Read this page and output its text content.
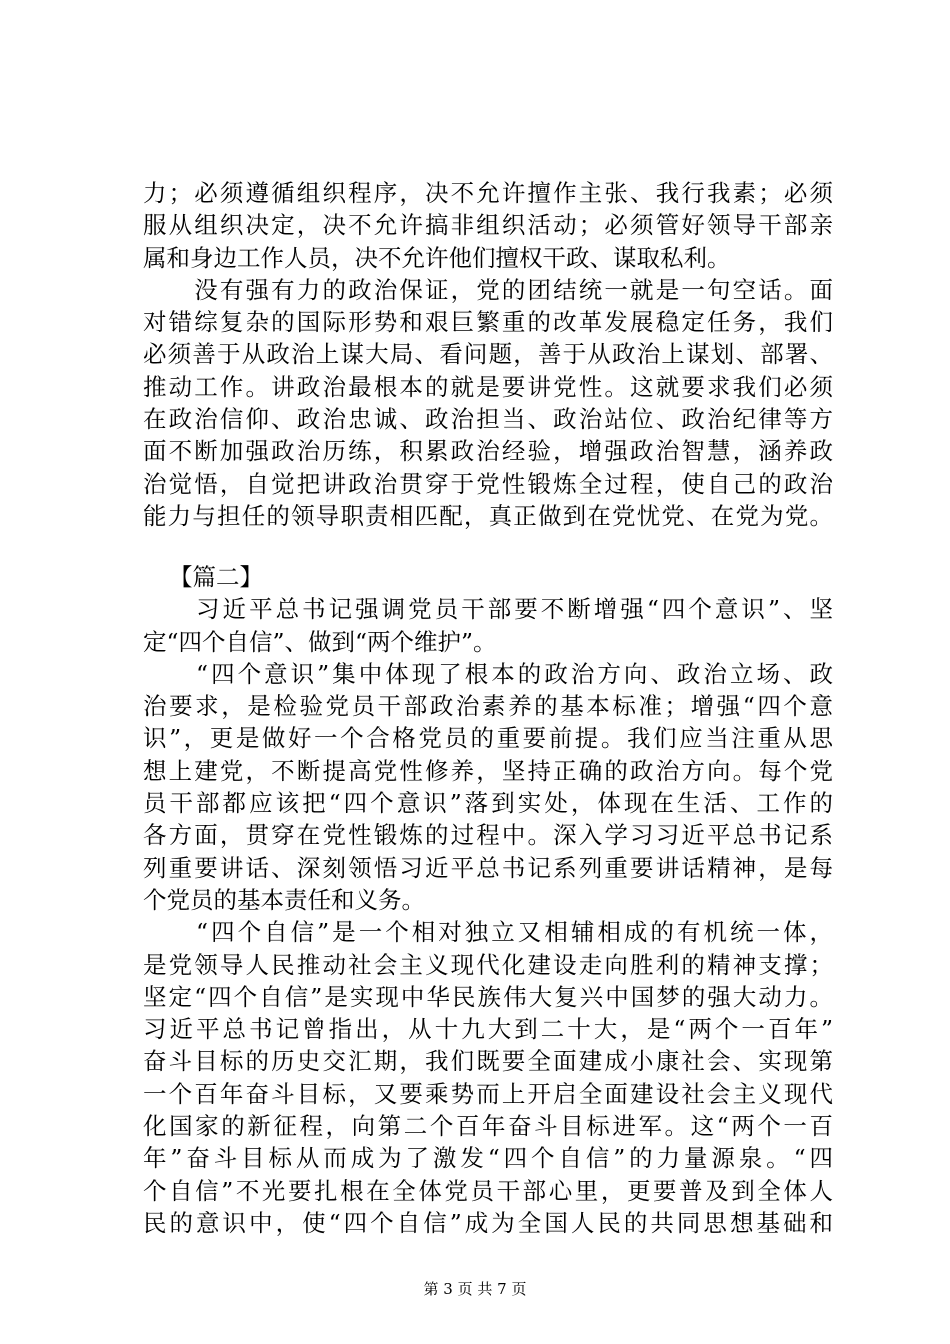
力；必须遵循组织程序，决不允许擅作主张、我行我素；必须
服从组织决定，决不允许搞非组织活动；必须管好领导干部亲
属和身边工作人员，决不允许他们擅权干政、谋取私利。
　　没有强有力的政治保证，党的团结统一就是一句空话。面
对错综复杂的国际形势和艰巨繁重的改革发展稳定任务，我们
必须善于从政治上谋大局、看问题，善于从政治上谋划、部署、
推动工作。讲政治最根本的就是要讲党性。这就要求我们必须
在政治信仰、政治忠诚、政治担当、政治站位、政治纪律等方
面不断加强政治历练，积累政治经验，增强政治智慧，涵养政
治觉悟，自觉把讲政治贯穿于党性锻炼全过程，使自己的政治
能力与担任的领导职责相匹配，真正做到在党忧党、在党为党。
【篇二】
　　习近平总书记强调党员干部要不断增强“四个意识”、坚
定“四个自信”、做到“两个维护”。
　　“四个意识”集中体现了根本的政治方向、政治立场、政
治要求，是检验党员干部政治素养的基本标准；增强“四个意
识”，更是做好一个合格党员的重要前提。我们应当注重从思
想上建党，不断提高党性修养，坚持正确的政治方向。每个党
员干部都应该把“四个意识”落到实处，体现在生活、工作的
各方面，贯穿在党性锻炼的过程中。深入学习习近平总书记系
列重要讲话、深刻领悟习近平总书记系列重要讲话精神，是每
个党员的基本责任和义务。
　　“四个自信”是一个相对独立又相辅相成的有机统一体，
是党领导人民推动社会主义现代化建设走向胜利的精神支撑；
坚定“四个自信”是实现中华民族伟大复兴中国梦的强大动力。
习近平总书记曾指出，从十九大到二十大，是“两个一百年”
奋斗目标的历史交汇期，我们既要全面建成小康社会、实现第
一个百年奋斗目标，又要乘势而上开启全面建设社会主义现代
化国家的新征程，向第二个百年奋斗目标进军。这“两个一百
年”奋斗目标从而成为了激发“四个自信”的力量源泉。“四
个自信”不光要扎根在全体党员干部心里，更要普及到全体人
民的意识中，使“四个自信”成为全国人民的共同思想基础和
第 3 页 共 7 页
